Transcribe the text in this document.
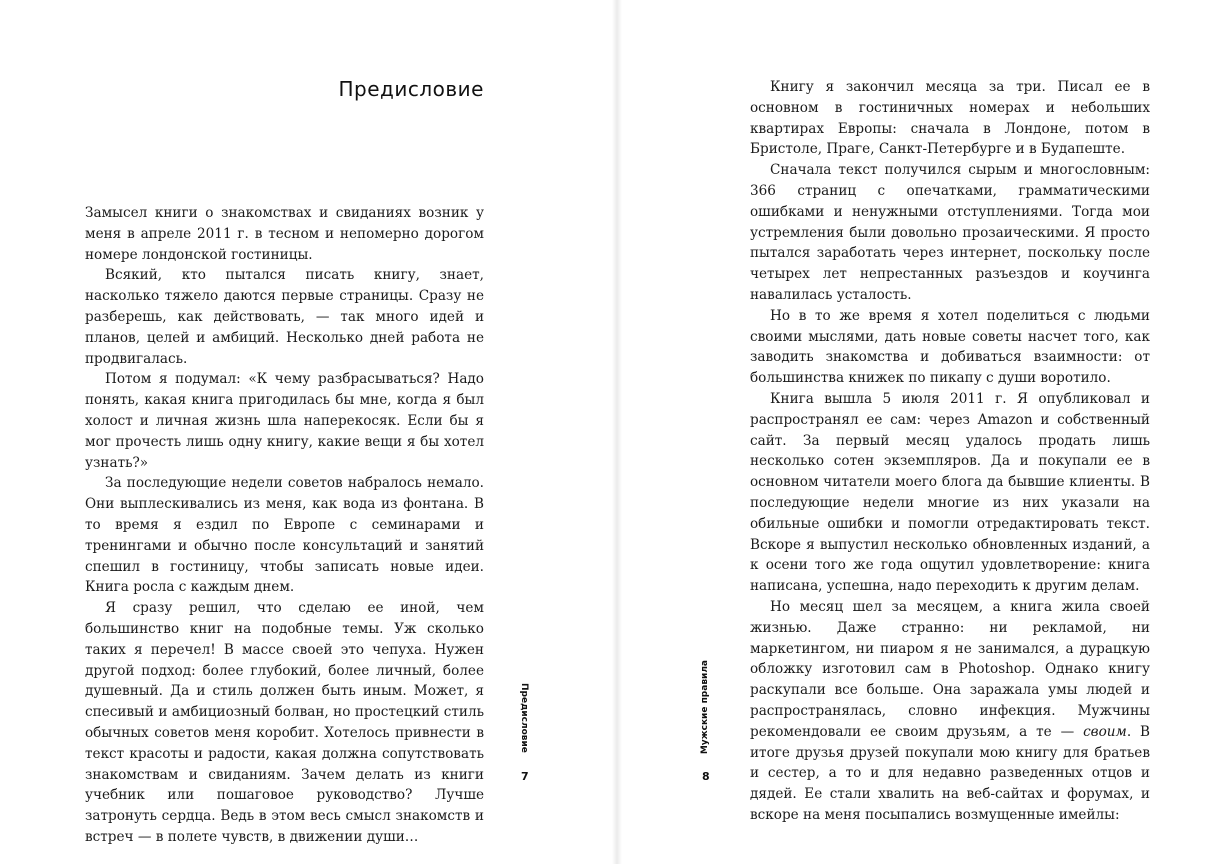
Предисловие

Замысел книги о знакомствах и свиданиях возник у меня в апреле 2011 г. в тесном и непомерно дорогом номере лондонской гостиницы.

Всякий, кто пытался писать книгу, знает, насколько тяжело даются первые страницы. Сразу не разберешь, как действовать, — так много идей и планов, целей и амбиций. Несколько дней работа не продвигалась.

Потом я подумал: «К чему разбрасываться? Надо понять, какая книга пригодилась бы мне, когда я был холост и личная жизнь шла наперекосяк. Если бы я мог прочесть лишь одну книгу, какие вещи я бы хотел узнать?»

За последующие недели советов набралось немало. Они выплескивались из меня, как вода из фонтана. В то время я ездил по Европе с семинарами и тренингами и обычно после консультаций и занятий спешил в гостиницу, чтобы записать новые идеи. Книга росла с каждым днем.

Я сразу решил, что сделаю ее иной, чем большинство книг на подобные темы. Уж сколько таких я перечел! В массе своей это чепуха. Нужен другой подход: более глубокий, более личный, более душевный. Да и стиль должен быть иным. Может, я спесивый и амбициозный болван, но простецкий стиль обычных советов меня коробит. Хотелось привнести в текст красоты и радости, какая должна сопутствовать знакомствам и свиданиям. Зачем делать из книги учебник или пошаговое руководство? Лучше затронуть сердца. Ведь в этом весь смысл знакомств и встреч — в полете чувств, в движении души…

Предисловие
7

Книгу я закончил месяца за три. Писал ее в основном в гостиничных номерах и небольших квартирах Европы: сначала в Лондоне, потом в Бристоле, Праге, Санкт-Петербурге и в Будапеште.

Сначала текст получился сырым и многословным: 366 страниц с опечатками, грамматическими ошибками и ненужными отступлениями. Тогда мои устремления были довольно прозаическими. Я просто пытался заработать через интернет, поскольку после четырех лет непрестанных разъездов и коучинга навалилась усталость.

Но в то же время я хотел поделиться с людьми своими мыслями, дать новые советы насчет того, как заводить знакомства и добиваться взаимности: от большинства книжек по пикапу с души воротило.

Книга вышла 5 июля 2011 г. Я опубликовал и распространял ее сам: через Amazon и собственный сайт. За первый месяц удалось продать лишь несколько сотен экземпляров. Да и покупали ее в основном читатели моего блога да бывшие клиенты. В последующие недели многие из них указали на обильные ошибки и помогли отредактировать текст. Вскоре я выпустил несколько обновленных изданий, а к осени того же года ощутил удовлетворение: книга написана, успешна, надо переходить к другим делам.

Но месяц шел за месяцем, а книга жила своей жизнью. Даже странно: ни рекламой, ни маркетингом, ни пиаром я не занимался, а дурацкую обложку изготовил сам в Photoshop. Однако книгу раскупали все больше. Она заражала умы людей и распространялась, словно инфекция. Мужчины рекомендовали ее своим друзьям, а те — своим. В итоге друзья друзей покупали мою книгу для братьев и сестер, а то и для недавно разведенных отцов и дядей. Ее стали хвалить на веб-сайтах и форумах, и вскоре на меня посыпались возмущенные имейлы:

Мужские правила
8
